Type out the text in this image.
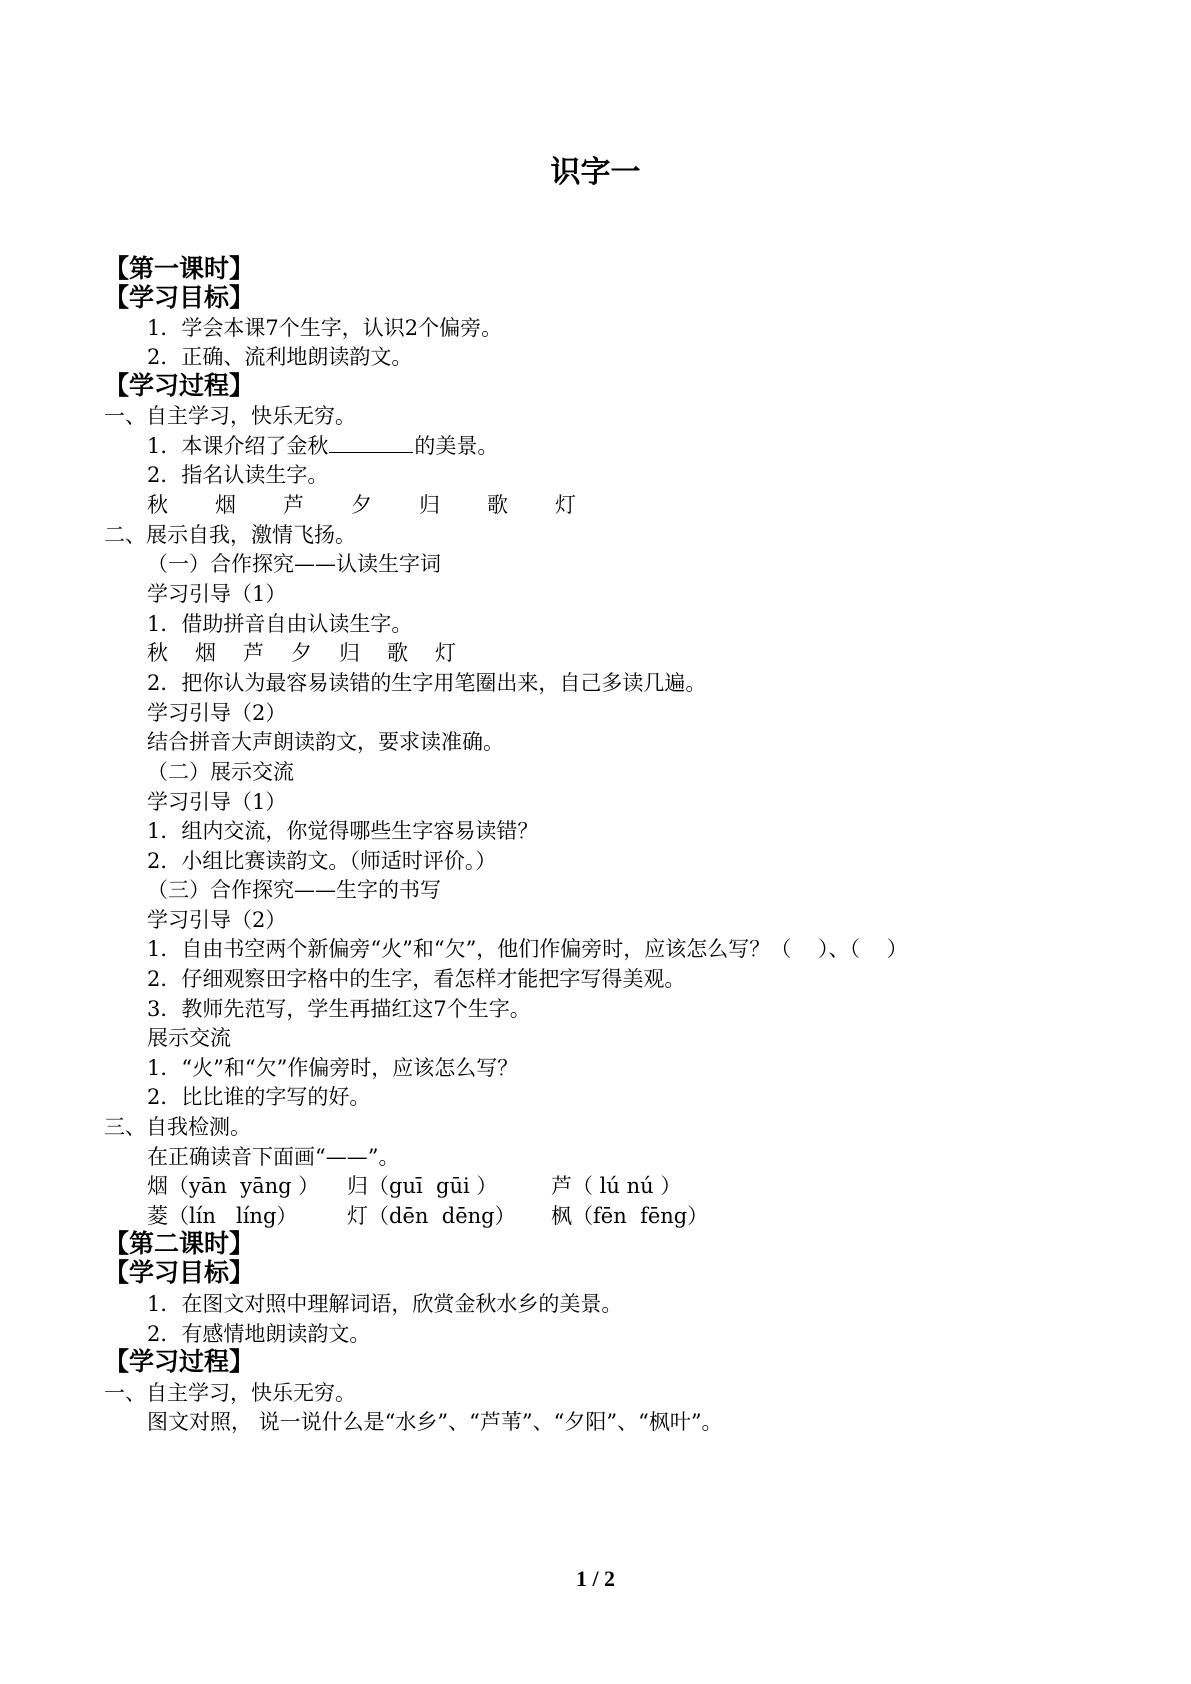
识字一
【第一课时】
【学习目标】
1．学会本课7个生字，认识2个偏旁。
2．正确、流利地朗读韵文。
【学习过程】
一、自主学习，快乐无穷。
1．本课介绍了金秋	的美景。
2．指名认读生字。
秋 烟 芦 夕 归 歌 灯
二、展示自我，激情飞扬。
（一）合作探究——认读生字词
学习引导（1）
1．借助拼音自由认读生字。
秋 烟 芦 夕 归 歌 灯
2．把你认为最容易读错的生字用笔圈出来，自己多读几遍。
学习引导（2）
结合拼音大声朗读韵文，要求读准确。
（二）展示交流
学习引导（1）
1．组内交流，你觉得哪些生字容易读错？
2．小组比赛读韵文。（师适时评价。）
（三）合作探究——生字的书写
学习引导（2）
1．自由书空两个新偏旁“火”和“欠”，他们作偏旁时，应该怎么写？（    ）、（    ）
2．仔细观察田字格中的生字，看怎样才能把字写得美观。
3．教师先范写，学生再描红这7个生字。
展示交流
1．“火”和“欠”作偏旁时，应该怎么写？
2．比比谁的字写的好。
三、自我检测。
在正确读音下面画“——”。
烟（yān  yāng ） 归（guī  gūi ）	芦（ lú nú ）
菱（lín   líng） 灯（dēn  dēng） 枫（fēn  fēng）
【第二课时】
【学习目标】
1．在图文对照中理解词语，欣赏金秋水乡的美景。
2．有感情地朗读韵文。
【学习过程】
一、自主学习，快乐无穷。
图文对照， 说一说什么是“水乡”、“芦苇”、“夕阳”、“枫叶”。
1 / 2
